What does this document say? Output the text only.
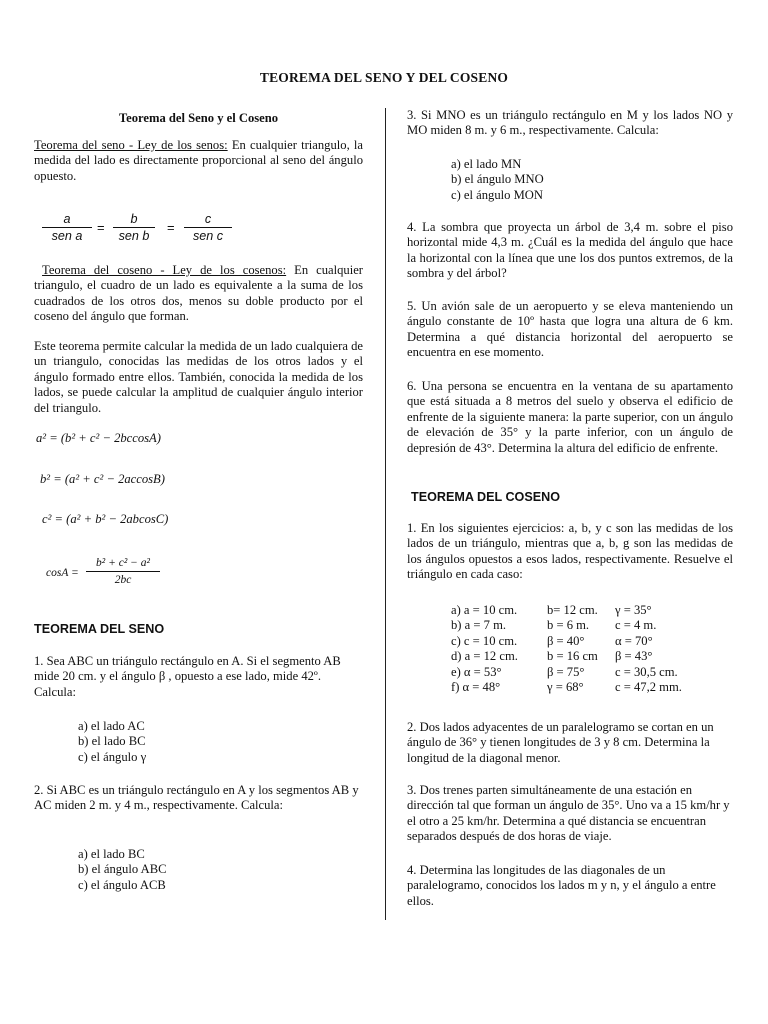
TEOREMA DEL SENO Y DEL COSENO
Teorema del Seno y el Coseno

Teorema del seno - Ley de los senos: En cualquier triangulo, la medida del lado es directamente proporcional al seno del ángulo opuesto.

a
sen a
=
b
sen b
=
c
sen c

Teorema del coseno - Ley de los cosenos: En cualquier triangulo, el cuadro de un lado es equivalente a la suma de los cuadrados de los otros dos, menos su doble producto por el coseno del ángulo que forman.

Este teorema permite calcular la medida de un lado cualquiera de un triangulo, conocidas las medidas de los otros lados y el ángulo formado entre ellos. También, conocida la medida de los lados, se puede calcular la amplitud de cualquier ángulo interior del triangulo.

a² = (b² + c² − 2bccosA)
b² = (a² + c² − 2accosB)
c² = (a² + b² − 2abcosC)
$\cos A = \frac{\text{b² + c² − a²}}{2bc}$
TEOREMA DEL SENO

1. Sea ABC un triángulo rectángulo en A. Si el segmento AB mide 20 cm. y el ángulo β , opuesto a ese lado, mide 42º. Calcula:

a) el lado AC
b) el lado BC
c) el ángulo γ

2. Si ABC es un triángulo rectángulo en A y los segmentos AB y AC miden 2 m. y 4 m., respectivamente. Calcula:

a) el lado BC
b) el ángulo ABC
c) el ángulo ACB

3. Si MNO es un triángulo rectángulo en M y los lados NO y MO miden 8 m. y 6 m., respectivamente. Calcula:

a) el lado MN
b) el ángulo MNO
c) el ángulo MON

4. La sombra que proyecta un árbol de 3,4 m. sobre el piso horizontal mide 4,3 m. ¿Cuál es la medida del ángulo que hace la horizontal con la línea que une los dos puntos extremos, de la sombra y del árbol?

5. Un avión sale de un aeropuerto y se eleva manteniendo un ángulo constante de 10º hasta que logra una altura de 6 km. Determina a qué distancia horizontal del aeropuerto se encuentra en ese momento.

6. Una persona se encuentra en la ventana de su apartamento que está situada a 8 metros del suelo y observa el edificio de enfrente de la siguiente manera: la parte superior, con un ángulo de elevación de 35° y la parte inferior, con un ángulo de depresión de 43°. Determina la altura del edificio de enfrente.

TEOREMA DEL COSENO

1. En los siguientes ejercicios: a, b, y c son las medidas de los lados de un triángulo, mientras que a, b, g son las medidas de los ángulos opuestos a esos lados, respectivamente. Resuelve el triángulo en cada caso:

a) a = 10 cm.	b= 12 cm.	γ = 35°
b) a = 7 m.	b = 6 m.	c = 4 m.
c) c = 10 cm.	β = 40°	α = 70°
d) a = 12 cm.	b = 16 cm	β = 43°
e) α = 53°	β = 75°	c = 30,5 cm.
f) α = 48°	γ = 68°	c = 47,2 mm.

2. Dos lados adyacentes de un paralelogramo se cortan en un ángulo de 36° y tienen longitudes de 3 y 8 cm. Determina la longitud de la diagonal menor.

3. Dos trenes parten simultáneamente de una estación en dirección tal que forman un ángulo de 35°. Uno va a 15 km/hr y el otro a 25 km/hr. Determina a qué distancia se encuentran separados después de dos horas de viaje.

4. Determina las longitudes de las diagonales de un paralelogramo, conocidos los lados m y n, y el ángulo a entre ellos.
